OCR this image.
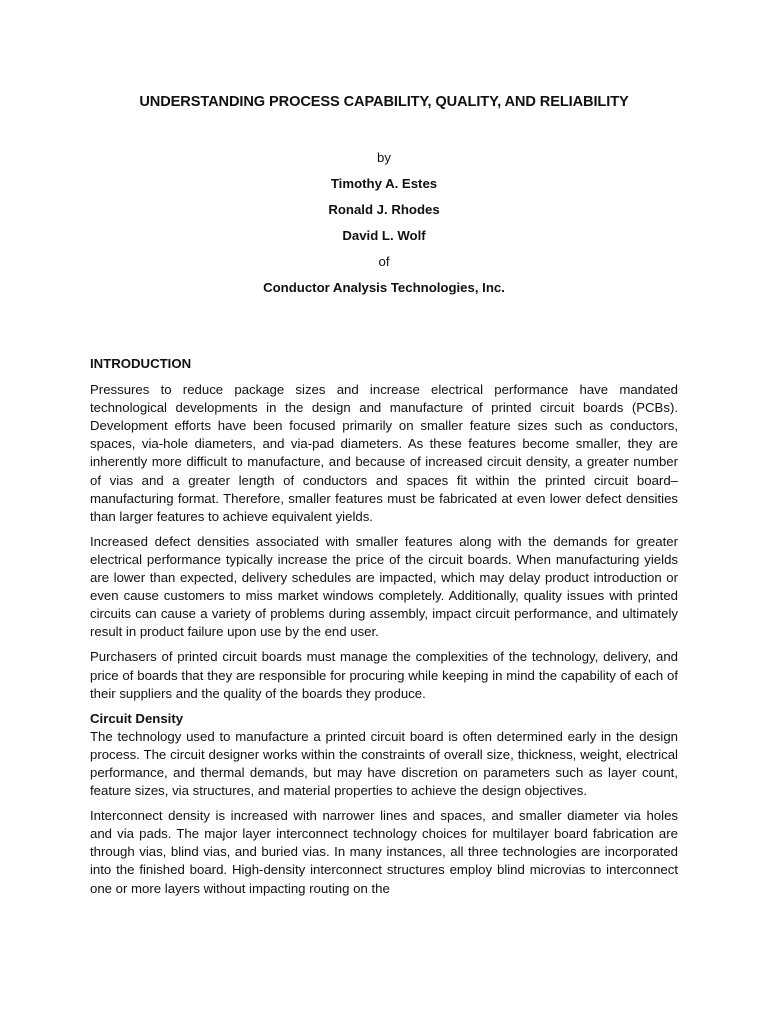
UNDERSTANDING PROCESS CAPABILITY, QUALITY, AND RELIABILITY

by

Timothy A. Estes

Ronald J. Rhodes

David L. Wolf

of

Conductor Analysis Technologies, Inc.

INTRODUCTION

Pressures to reduce package sizes and increase electrical performance have mandated technological developments in the design and manufacture of printed circuit boards (PCBs). Development efforts have been focused primarily on smaller feature sizes such as conductors, spaces, via-hole diameters, and via-pad diameters. As these features become smaller, they are inherently more difficult to manufacture, and because of increased circuit density, a greater number of vias and a greater length of conductors and spaces fit within the printed circuit board–manufacturing format. Therefore, smaller features must be fabricated at even lower defect densities than larger features to achieve equivalent yields.

Increased defect densities associated with smaller features along with the demands for greater electrical performance typically increase the price of the circuit boards. When manufacturing yields are lower than expected, delivery schedules are impacted, which may delay product introduction or even cause customers to miss market windows completely. Additionally, quality issues with printed circuits can cause a variety of problems during assembly, impact circuit performance, and ultimately result in product failure upon use by the end user.

Purchasers of printed circuit boards must manage the complexities of the technology, delivery, and price of boards that they are responsible for procuring while keeping in mind the capability of each of their suppliers and the quality of the boards they produce.

Circuit Density

The technology used to manufacture a printed circuit board is often determined early in the design process. The circuit designer works within the constraints of overall size, thickness, weight, electrical performance, and thermal demands, but may have discretion on parameters such as layer count, feature sizes, via structures, and material properties to achieve the design objectives.

Interconnect density is increased with narrower lines and spaces, and smaller diameter via holes and via pads. The major layer interconnect technology choices for multilayer board fabrication are through vias, blind vias, and buried vias. In many instances, all three technologies are incorporated into the finished board. High-density interconnect structures employ blind microvias to interconnect one or more layers without impacting routing on the
